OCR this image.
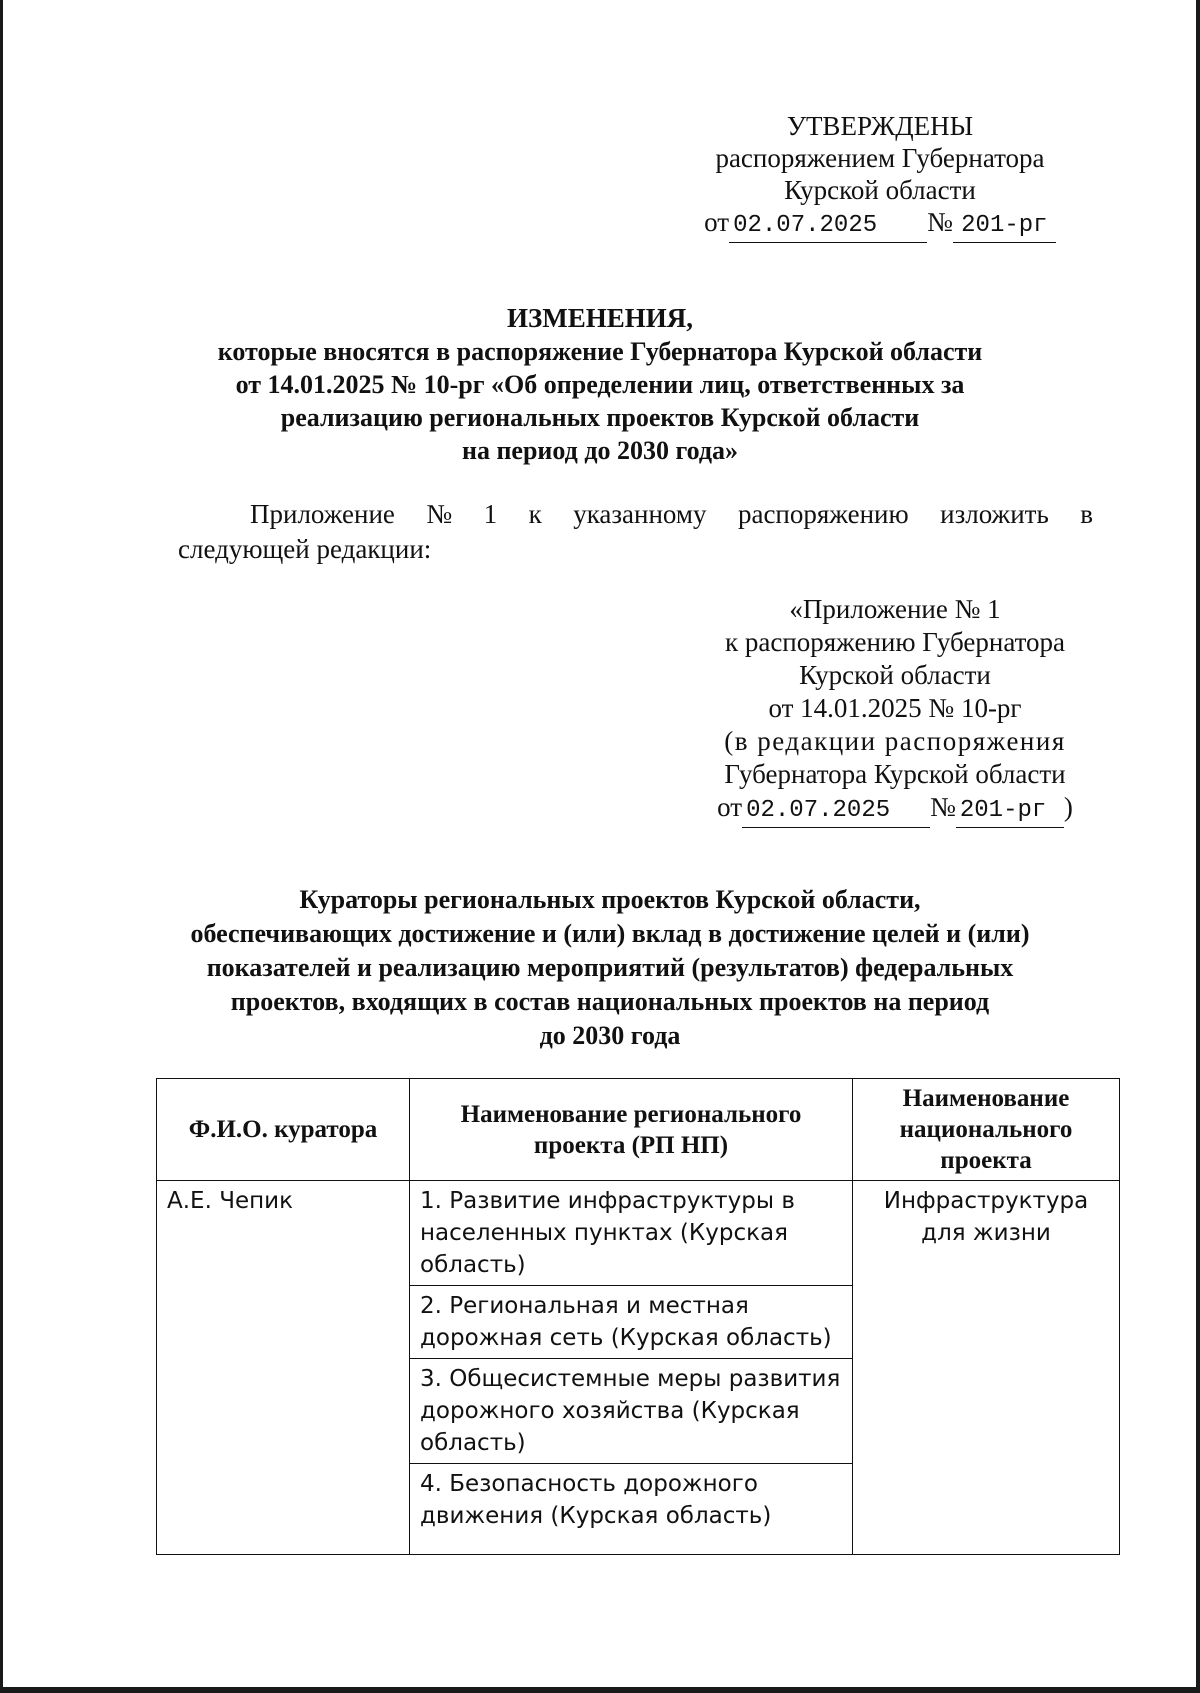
УТВЕРЖДЕНЫ
распоряжением Губернатора
Курской области
от 02.07.2025 № 201-рг
ИЗМЕНЕНИЯ,
которые вносятся в распоряжение Губернатора Курской области
от 14.01.2025 № 10-рг «Об определении лиц, ответственных за
реализацию региональных проектов Курской области
на период до 2030 года»
Приложение № 1 к указанному распоряжению изложить в
следующей редакции:
«Приложение № 1
к распоряжению Губернатора
Курской области
от 14.01.2025 № 10-рг
(в редакции распоряжения
Губернатора Курской области
от 02.07.2025 № 201-рг )
Кураторы региональных проектов Курской области,
обеспечивающих достижение и (или) вклад в достижение целей и (или)
показателей и реализацию мероприятий (результатов) федеральных
проектов, входящих в состав национальных проектов на период
до 2030 года
Ф.И.О. куратора	Наименование регионального проекта (РП НП)	Наименование национального проекта
А.Е. Чепик	1. Развитие инфраструктуры в населенных пунктах (Курская область)	Инфраструктура для жизни
	2. Региональная и местная дорожная сеть (Курская область)	
	3. Общесистемные меры развития дорожного хозяйства (Курская область)	
	4. Безопасность дорожного движения (Курская область)	
